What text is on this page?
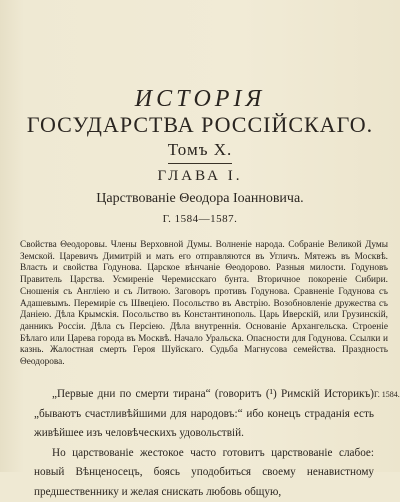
ИСТОРІЯ
ГОСУДАРСТВА РОССІЙСКАГО.
Томъ X.
ГЛАВА I.
Царствованіе Θеодора Іоанновича.
Г. 1584—1587.
Свойства Θеодоровы. Члены Верховной Думы. Волненіе народа. Собраніе Великой Думы Земской. Царевичъ Димитрій и мать его отправляются въ Угличъ. Мятежъ въ Москвѣ. Власть и свойства Годунова. Царское вѣнчаніе Θеодорово. Разныя милости. Годуновъ Правитель Царства. Усмиреніе Черемисскаго бунта. Вторичное покореніе Сибири. Сношенія съ Англіею и съ Литвою. Заговоръ противъ Годунова. Сравненіе Годунова съ Адашевымъ. Перемиріе съ Швеціею. Посольство въ Австрію. Возобновленіе дружества съ Даніею. Дѣла Крымскія. Посольство въ Константинополь. Царь Иверскій, или Грузинскій, данникъ Россіи. Дѣла съ Персіею. Дѣла внутреннія. Основаніе Архангельска. Строеніе Бѣлаго или Царева города въ Москвѣ. Начало Уральска. Опасности для Годунова. Ссылки и казнь. Жалостная смерть Героя Шуйскаго. Судьба Магнусова семейства. Праздность Θеодорова.

„Первые дни по смерти тирана“ (говоритъ (¹) Римскій Историкъ) „бываютъ счастливѣйшими для народовъ:“ ибо конецъ страданія есть живѣйшее изъ человѣческихъ удовольствій.

Но царствованіе жестокое часто готовитъ царствованіе слабое: новый Вѣнценосецъ, боясь уподобиться своему ненавистному предшественнику и желая снискать любовь общую,

Г. 1584.
